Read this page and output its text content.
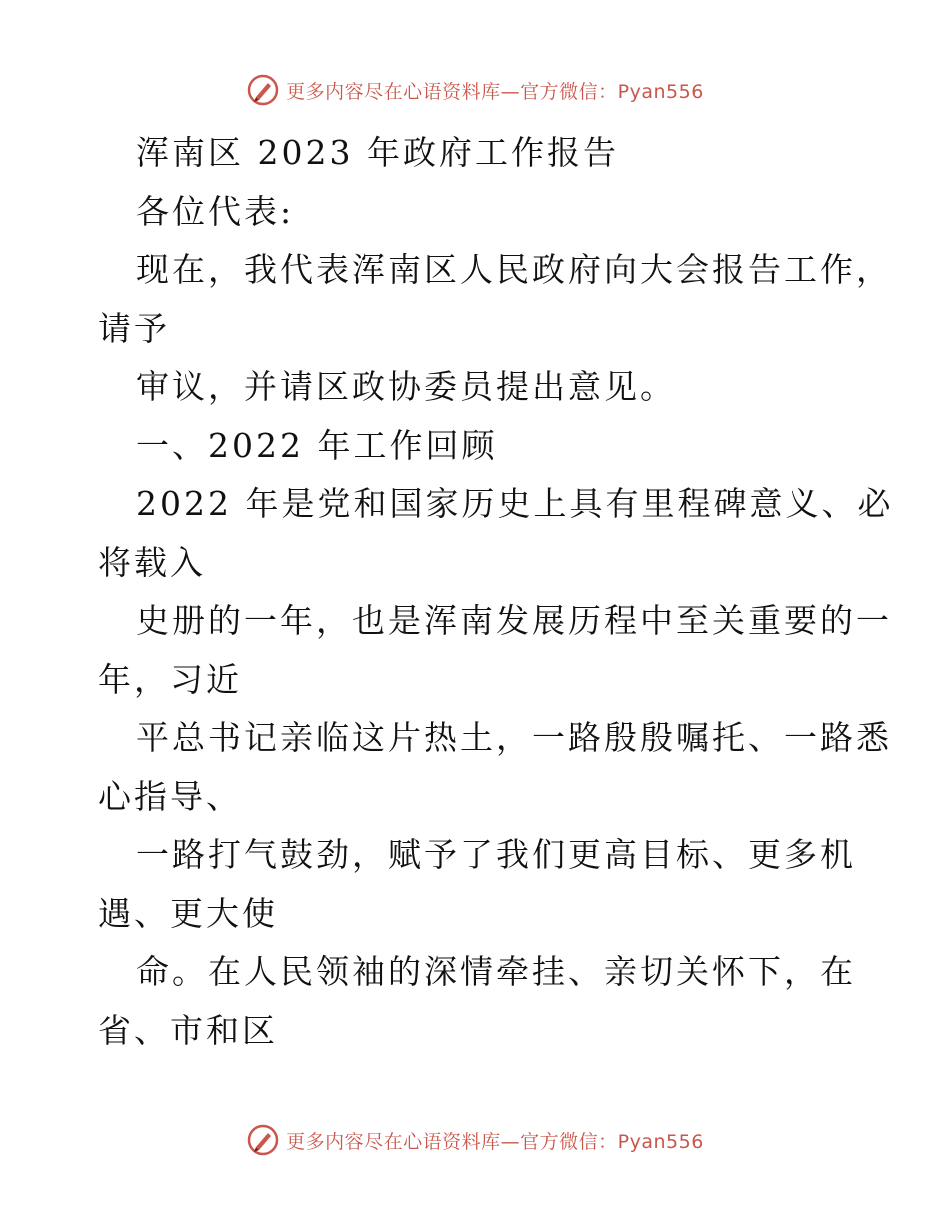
更多内容尽在心语资料库—官方微信：Pyan556
浑南区 2023 年政府工作报告
各位代表:
现在，我代表浑南区人民政府向大会报告工作，
请予
审议，并请区政协委员提出意见。
一、2022 年工作回顾
2022 年是党和国家历史上具有里程碑意义、必
将载入
史册的一年，也是浑南发展历程中至关重要的一
年，习近
平总书记亲临这片热土，一路殷殷嘱托、一路悉
心指导、
一路打气鼓劲，赋予了我们更高目标、更多机
遇、更大使
命。在人民领袖的深情牵挂、亲切关怀下，在
省、市和区
更多内容尽在心语资料库—官方微信：Pyan556
